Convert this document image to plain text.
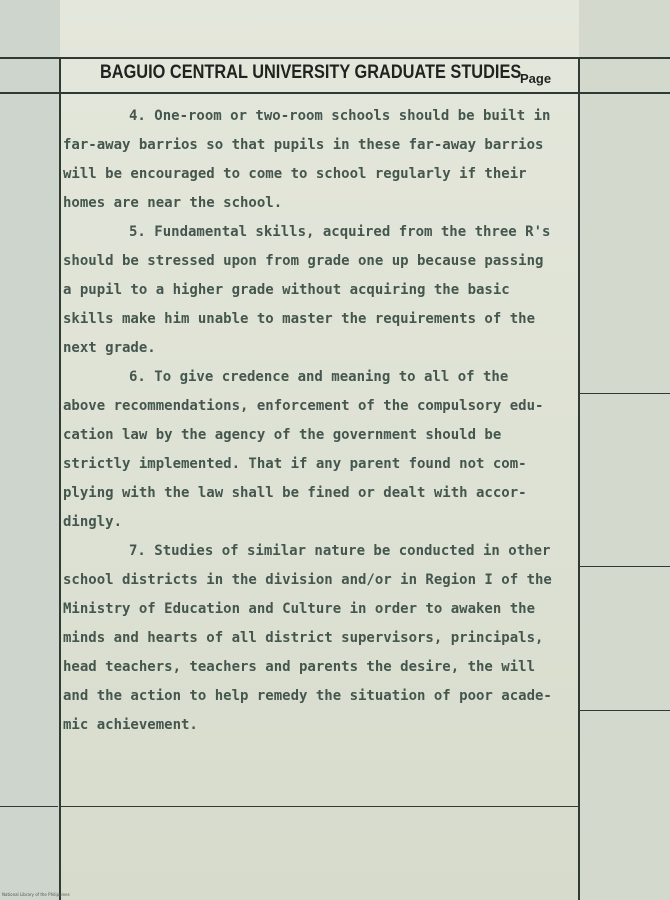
BAGUIO CENTRAL UNIVERSITY GRADUATE STUDIES
Page
4. One-room or two-room schools should be built in
far-away barrios so that pupils in these far-away barrios
will be encouraged to come to school regularly if their
homes are near the school.
5. Fundamental skills, acquired from the three R's
should be stressed upon from grade one up because passing
a pupil to a higher grade without acquiring the basic
skills make him unable to master the requirements of the
next grade.
6. To give credence and meaning to all of the
above recommendations, enforcement of the compulsory edu-
cation law by the agency of the government should be
strictly implemented. That if any parent found not com-
plying with the law shall be fined or dealt with accor-
dingly.
7. Studies of similar nature be conducted in other
school districts in the division and/or in Region I of the
Ministry of Education and Culture in order to awaken the
minds and hearts of all district supervisors, principals,
head teachers, teachers and parents the desire, the will
and the action to help remedy the situation of poor acade-
mic achievement.
National Library of the Philippines
